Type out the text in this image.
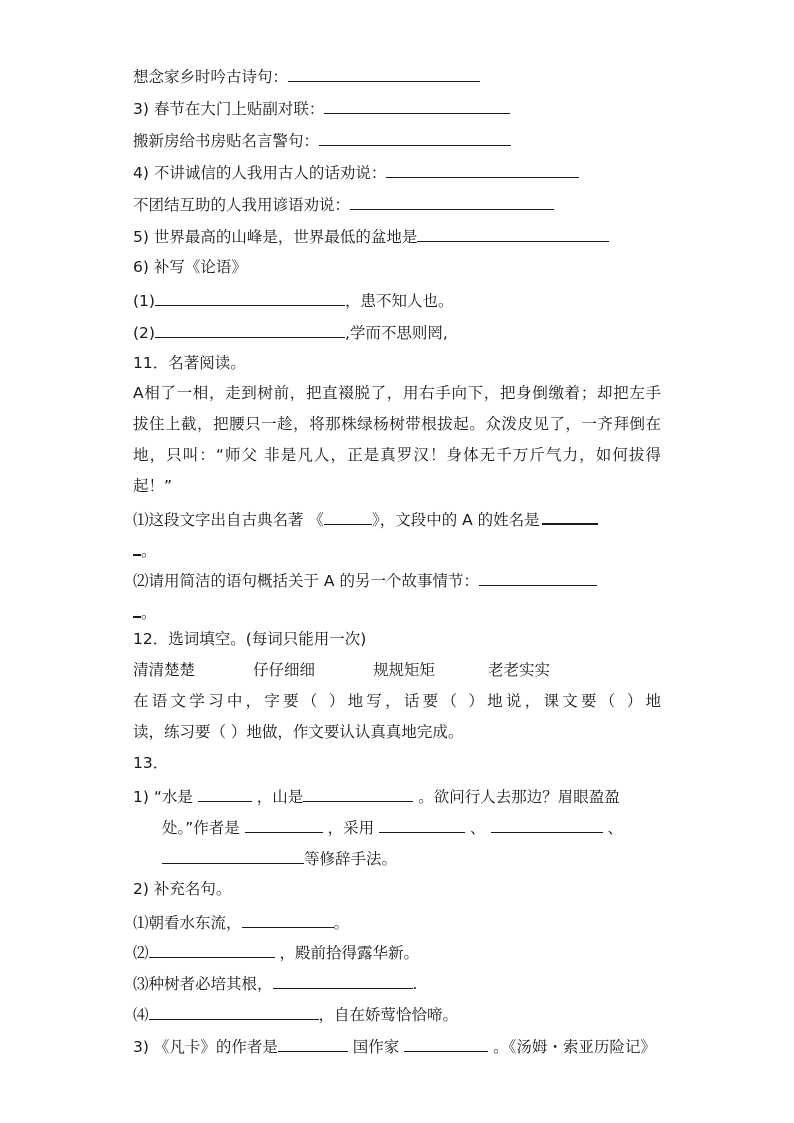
想念家乡时吟古诗句：
3) 春节在大门上贴副对联：
搬新房给书房贴名言警句：
4) 不讲诚信的人我用古人的话劝说：
不团结互助的人我用谚语劝说：
5) 世界最高的山峰是，世界最低的盆地是
6) 补写《论语》
(1)	，患不知人也。
(2)	,学而不思则罔,
11．名著阅读。
A相了一相，走到树前，把直裰脱了，用右手向下，把身倒缴着；却把左手
拔住上截，把腰只一趁，将那株绿杨树带根拔起。众泼皮见了，一齐拜倒在
地，只叫：“师父 非是凡人，正是真罗汉！身体无千万斤气力，如何拔得
起！”
⑴这段文字出自古典名著 《	》，文段中的 A 的姓名是
。
⑵请用简洁的语句概括关于 A 的另一个故事情节：
。
12．选词填空。(每词只能用一次)
清清楚楚	仔仔细细	规规矩矩	老老实实
在语文学习中，字要（ ）地写，话要（ ）地说，课文要（ ）地
读，练习要（ ）地做，作文要认认真真地完成。
13．
1) “水是	，山是	。欲问行人去那边？眉眼盈盈
处。”作者是	，采用	、	、
等修辞手法。
2) 补充名句。
⑴朝看水东流，	。
⑵	，殿前拾得露华新。
⑶种树者必培其根，	.
⑷	，自在娇莺恰恰啼。
3) 《凡卡》的作者是	国作家	。《汤姆・索亚历险记》
